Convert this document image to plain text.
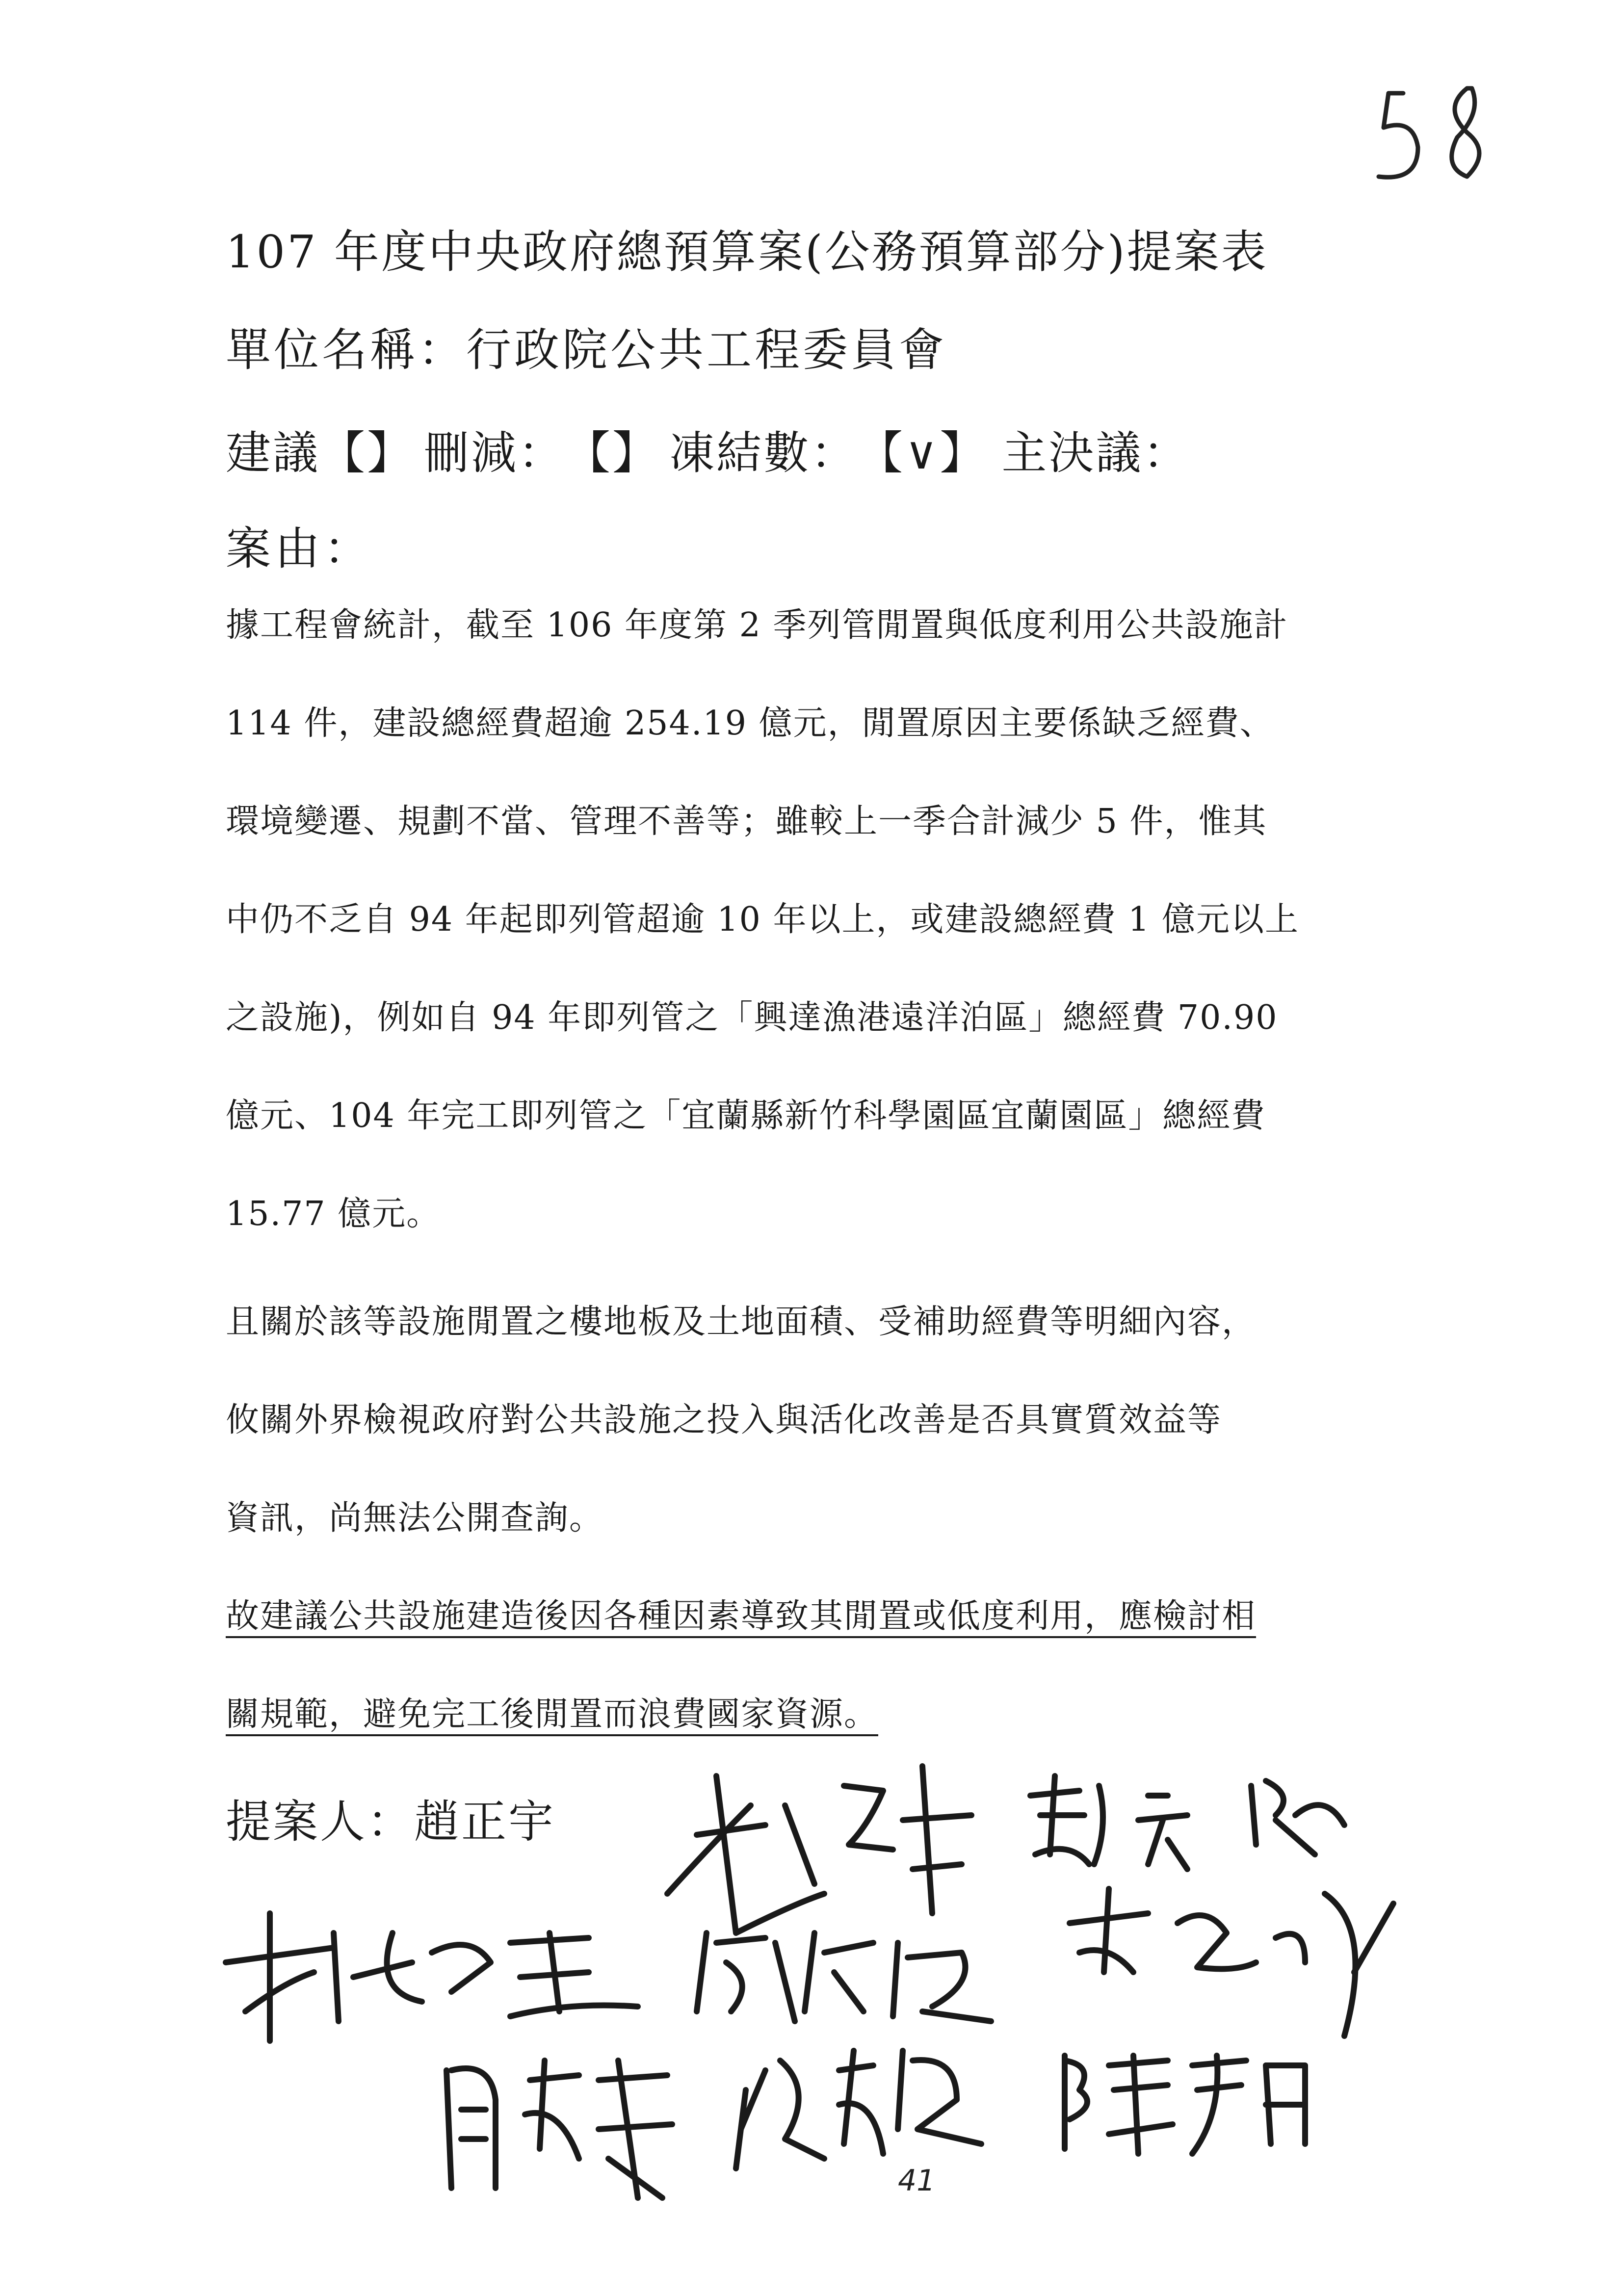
107 年度中央政府總預算案(公務預算部分)提案表
單位名稱：行政院公共工程委員會
建議 【】 刪減： 【】 凍結數： 【∨】 主決議：
案由：
據工程會統計，截至 106 年度第 2 季列管閒置與低度利用公共設施計
114 件，建設總經費超逾 254.19 億元，閒置原因主要係缺乏經費、
環境變遷、規劃不當、管理不善等；雖較上一季合計減少 5 件，惟其
中仍不乏自 94 年起即列管超逾 10 年以上，或建設總經費 1 億元以上
之設施)，例如自 94 年即列管之「興達漁港遠洋泊區」總經費 70.90
億元、104 年完工即列管之「宜蘭縣新竹科學園區宜蘭園區」總經費
15.77 億元。
且關於該等設施閒置之樓地板及土地面積、受補助經費等明細內容，
攸關外界檢視政府對公共設施之投入與活化改善是否具實質效益等
資訊，尚無法公開查詢。
故建議公共設施建造後因各種因素導致其閒置或低度利用，應檢討相
關規範，避免完工後閒置而浪費國家資源。
提案人：趙正宇
41
